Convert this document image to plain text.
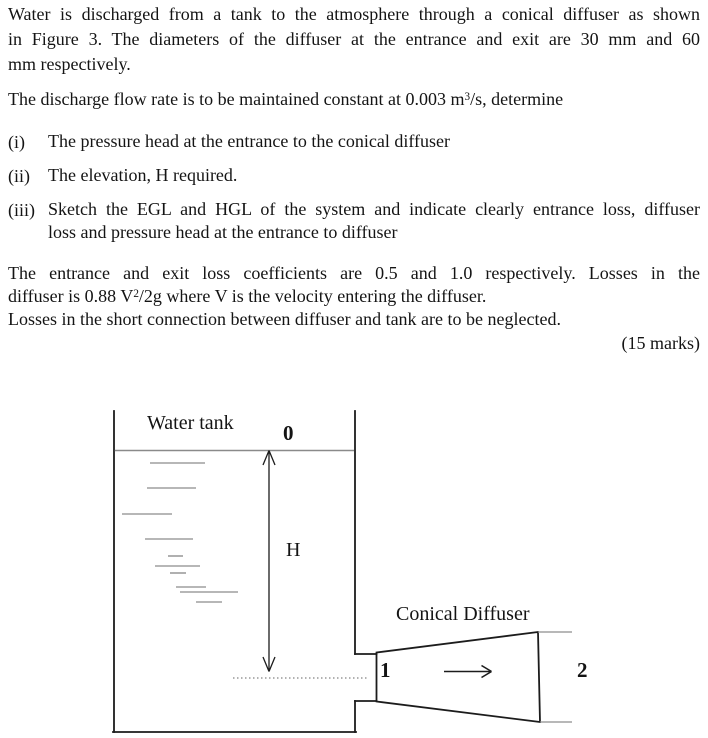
Water is discharged from a tank to the atmosphere through a conical diffuser as shown
in Figure 3. The diameters of the diffuser at the entrance and exit are 30 mm and 60
mm respectively.
The discharge flow rate is to be maintained constant at 0.003 $m^3/s$, determine
(i) The pressure head at the entrance to the conical diffuser
(ii) The elevation, H required.
(iii) Sketch the EGL and HGL of the system and indicate clearly entrance loss, diffuser
loss and pressure head at the entrance to diffuser
The entrance and exit loss coefficients are 0.5 and 1.0 respectively. Losses in the
diffuser is 0.88 $V^2/2g$ where V is the velocity entering the diffuser.
Losses in the short connection between diffuser and tank are to be neglected.
(15 marks)
Water tank 0
H
Conical Diffuser
1	2
